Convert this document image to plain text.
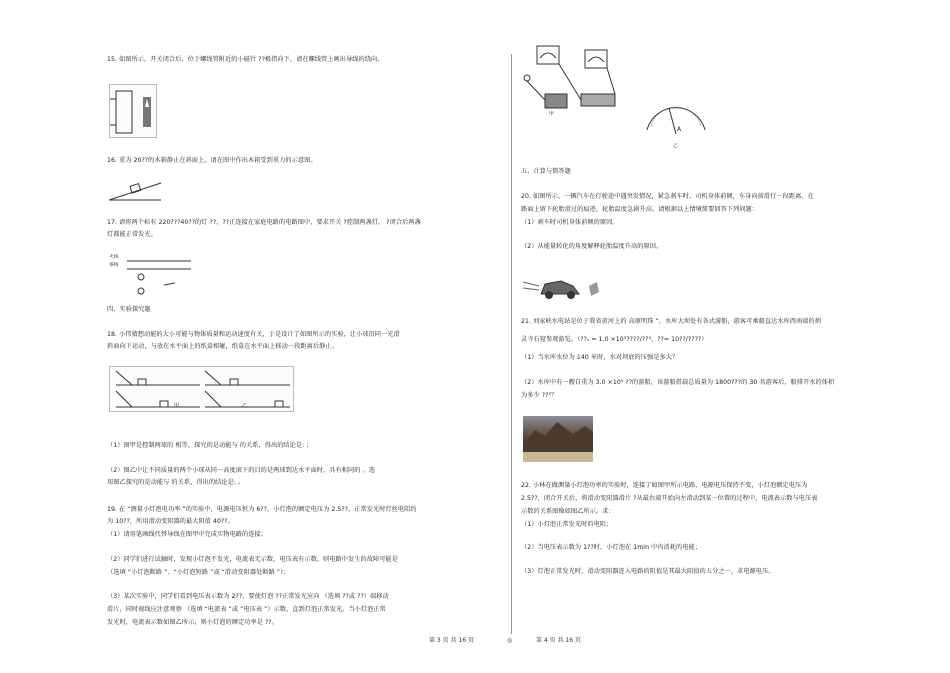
15. 如图所示，开关闭合后，位于螺线管附近的小磁针 ??极指向下，请在螺线管上画出导线的绕向。
16. 重为 20??的木箱静止在斜面上，请在图中作出木箱受到重力的示意图。
17. 请将两个标有 220???40??的灯 ??、??正连接在家庭电路的电路图中，要求开关 ?控制两盏灯， ?闭合后两盏
灯都能正常发光。
火线
零线
四、实验探究题
18. 小伟猜想动能的大小可能与物体质量和运动速度有关，于是设计了如图所示的实验，让小球沿同一光滑
斜面向下运动，与放在水平面上的纸盒相碰，纸盒在水平面上移动一段距离后静止。
甲	乙
（1）图甲是控制两球的 相等，探究的是动能与 的关系，得出的结论是: ；
（2）图乙中让不同质量的两个小球从同一高度滚下的目的是两球到达水平面时，具有相同的 。选
用图乙探究的是动能与 的关系，得出的结论是: 。
19. 在 “测量小灯泡电功率 ”的实验中，电源电压恒为 6??，小灯泡的额定电压为 2.5??，正常发光时灯丝电阻约
为 10??，所用滑动变阻器的最大阻值 40??。
（1）请用笔画线代替导线在图甲中完成实物电路的连接；
（2）同学们进行试触时，发现小灯泡不发光，电流表无示数，电压表有示数，则电路中发生的故障可能是
（选填 “小灯泡断路 ”、“小灯泡短路 ”或 “滑动变阻器处断路 ”）；
（3）某次实验中，同学们看到电压表示数为 2??，要使灯泡 ??正常发光应向 （选填 ??或 ??）端移动
滑片，同时视线应注意观察 （选填 “电流表 ”或 “电压表 ”）示数，直到灯泡正常发光。当小灯泡正常
发光时，电流表示数如图乙所示，则小灯泡的额定功率是 ??。
甲
A
乙
五、计算与简答题
20. 如图所示，一辆汽车在行驶途中遇突发情况，紧急刹车时，司机身体前倾，车身向前滑行一段距离，在
路面上留下轮胎滑过的痕迹，轮胎温度急剧升高。请根据以上情境简要回答下列问题：
（1）刹车时司机身体前倾的原因。
（2）从能量转化的角度解释轮胎温度升高的原因。
21. 刘家峡水电站是位于我省黄河上的 高原明珠 ”，水库大坝处有各式游船，游客可乘船直达水库西南端的炳
灵寺石窟参观游览。（??ₛ = 1.0 ×10³????/??³，??= 10??/????）
（1）当水库水位为 140 米时，水对坝底的压强是多大？
（2）水库中有一艘自重为 3.0 ×10⁵ ??的游船，该游船搭载总质量为 1800???的 30 名游客后，船排开水的体积
为多少 ??³？
22. 小林在做测量小灯泡功率的实验时，连接了如图甲所示电路，电源电压保持不变，小灯泡额定电压为
2.5??，闭合开关后，将滑动变阻器滑片 ?从最右端开始向左滑动到某一位置的过程中，电流表示数与电压表
示数的关系图像如图乙所示。求：
（1）小灯泡正常发光时的电阻；
（2）当电压表示数为 1??时，小灯泡在 1min 中内消耗的电能；
（3）灯泡正常发光时，滑动变阻器连入电路的阻值是其最大阻值的五分之一，求电源电压。
第 3 页 共 16 页	◎	第 4 页 共 16 页
